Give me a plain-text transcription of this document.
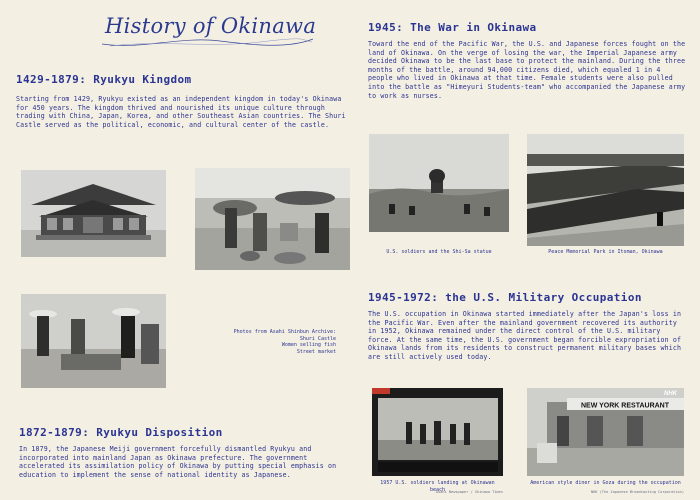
History of Okinawa
1429-1879: Ryukyu Kingdom
Starting from 1429, Ryukyu existed as an independent kingdom in today's Okinawa for 450 years. The kingdom thrived and nourished its unique culture through trading with China, Japan, Korea, and other Southeast Asian countries. The Shuri Castle served as the political, economic, and cultural center of the castle.
1945: The War in Okinawa
Toward the end of the Pacific War, the U.S. and Japanese forces fought on the land of Okinawa. On the verge of losing the war, the Imperial Japanese army decided Okinawa to be the last base to protect the mainland. During the three months of the battle, around 94,000 citizens died, which equaled 1 in 4 people who lived in Okinawa at that time. Female students were also pulled into the battle as "Himeyuri Students-team" who accompanied the Japanese army to work as nurses.
Photos from Asahi Shinbun Archive:
Shuri Castle
Women selling fish
Street market
U.S. soldiers and the Shi-Sa statue	Peace Memorial Park in Itoman, Okinawa
1945-1972: the U.S. Military Occupation
The U.S. occupation in Okinawa started immediately after the Japan's loss in the Pacific War. Even after the mainland government recovered its authority in 1952, Okinawa remained under the direct control of the U.S. military force. At the same time, the U.S. government began forcible expropriation of Okinawa lands from its residents to construct permanent military bases which are still actively used today.
1957 U.S. soldiers landing at Okinawan beach
Asahi Newspaper / Shinawa Times
NEW YORK RESTAURANT
NHK
American style diner in Goza during the occupation
NHK (The Japanese Broadcasting Corporation)
1872-1879: Ryukyu Disposition
In 1879, the Japanese Meiji government forcefully dismantled Ryukyu and incorporated into mainland Japan as Okinawa prefecture. The government accelerated its assimilation policy of Okinawa by putting special emphasis on education to implement the sense of national identity as Japanese.
